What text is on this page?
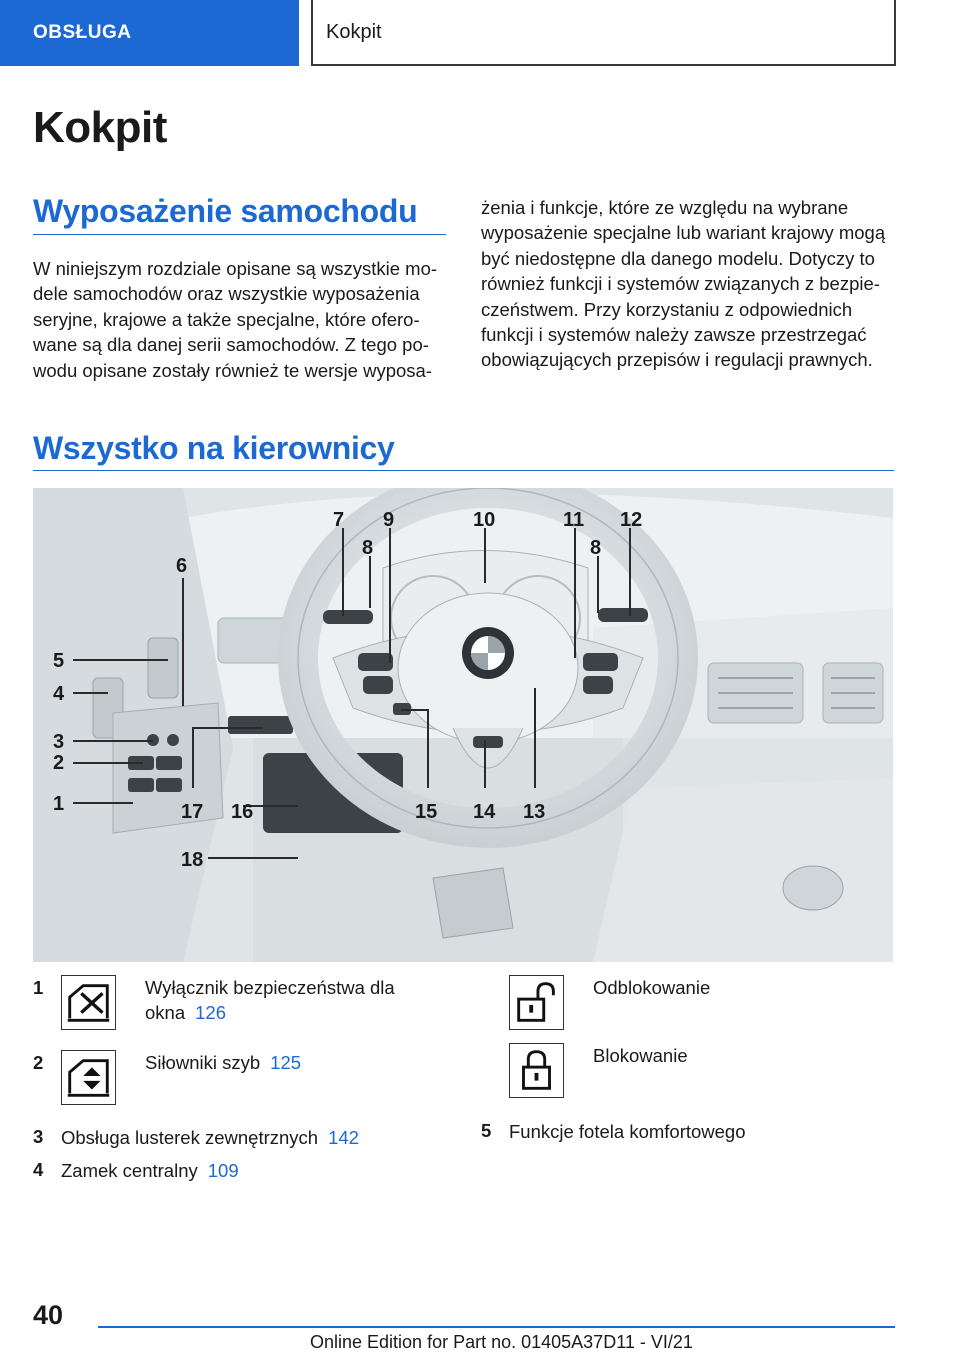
OBSŁUGA	Kokpit
Kokpit
Wyposażenie samochodu
W niniejszym rozdziale opisane są wszystkie mo‐
dele samochodów oraz wszystkie wyposażenia
seryjne, krajowe a także specjalne, które ofero‐
wane są dla danej serii samochodów. Z tego po‐
wodu opisane zostały również te wersje wyposa‐
żenia i funkcje, które ze względu na wybrane
wyposażenie specjalne lub wariant krajowy mogą
być niedostępne dla danego modelu. Dotyczy to
również funkcji i systemów związanych z bezpie‐
czeństwem. Przy korzystaniu z odpowiednich
funkcji i systemów należy zawsze przestrzegać
obowiązujących przepisów i regulacji prawnych.
Wszystko na kierownicy
7 9	10	11 12
8	8
6
5
4
3
2
1	17 16	15 14 13
18
1	Wyłącznik bezpieczeństwa dla
okna 126
2	Siłowniki szyb 125
3 Obsługa lusterek zewnętrznych 142
4 Zamek centralny 109
Odblokowanie
Blokowanie
5 Funkcje fotela komfortowego
40
Online Edition for Part no. 01405A37D11 - VI/21
